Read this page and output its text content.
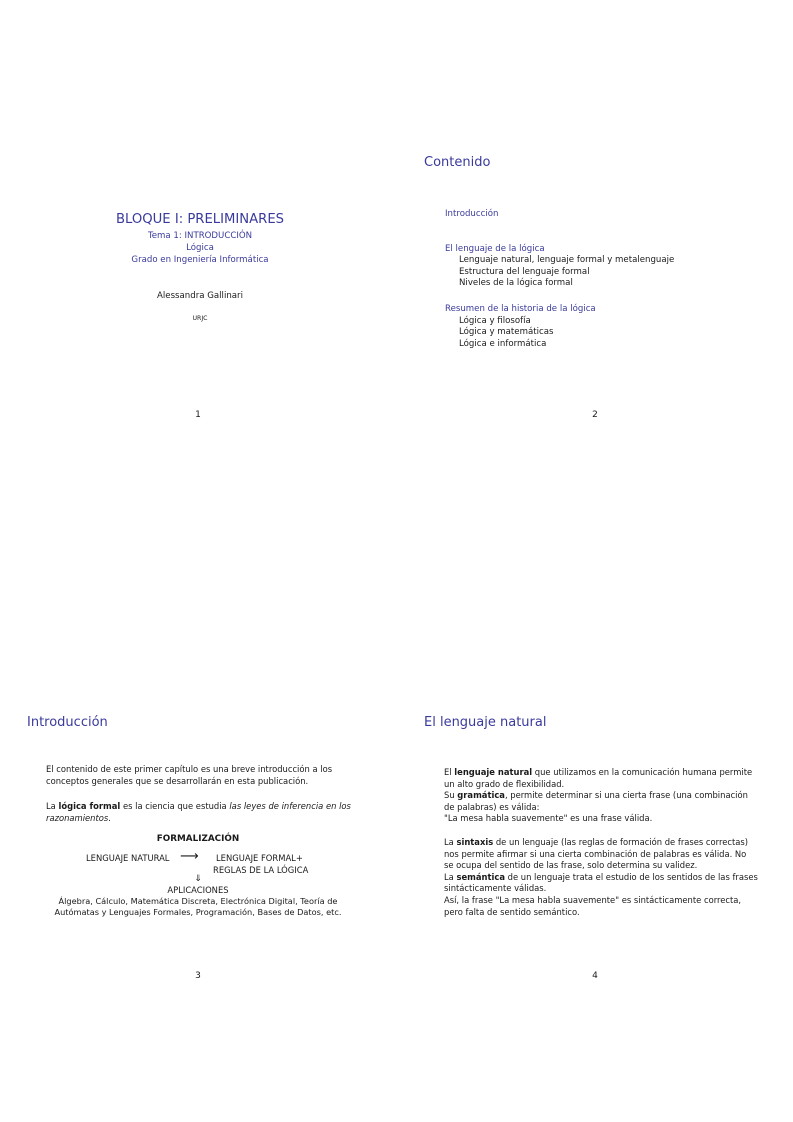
BLOQUE I: PRELIMINARES
Tema 1: INTRODUCCIÓN
Lógica
Grado en Ingeniería Informática
Alessandra Gallinari
URJC
1
Contenido
Introducción
El lenguaje de la lógica
Lenguaje natural, lenguaje formal y metalenguaje
Estructura del lenguaje formal
Niveles de la lógica formal
Resumen de la historia de la lógica
Lógica y filosofía
Lógica y matemáticas
Lógica e informática
2
Introducción
El contenido de este primer capítulo es una breve introducción a los conceptos generales que se desarrollarán en esta publicación.
La lógica formal es la ciencia que estudia las leyes de inferencia en los razonamientos.
FORMALIZACIÓN
LENGUAJE NATURAL ⟶ LENGUAJE FORMAL+
REGLAS DE LA LÓGICA
⇓
APLICACIONES
Álgebra, Cálculo, Matemática Discreta, Electrónica Digital, Teoría de
Autómatas y Lenguajes Formales, Programación, Bases de Datos, etc.
3
El lenguaje natural
El lenguaje natural que utilizamos en la comunicación humana permite
un alto grado de flexibilidad.
Su gramática, permite determinar si una cierta frase (una combinación
de palabras) es válida:
"La mesa habla suavemente" es una frase válida.
La sintaxis de un lenguaje (las reglas de formación de frases correctas)
nos permite afirmar si una cierta combinación de palabras es válida. No
se ocupa del sentido de las frase, solo determina su validez.
La semántica de un lenguaje trata el estudio de los sentidos de las frases
sintácticamente válidas.
Así, la frase "La mesa habla suavemente" es sintácticamente correcta,
pero falta de sentido semántico.
4
